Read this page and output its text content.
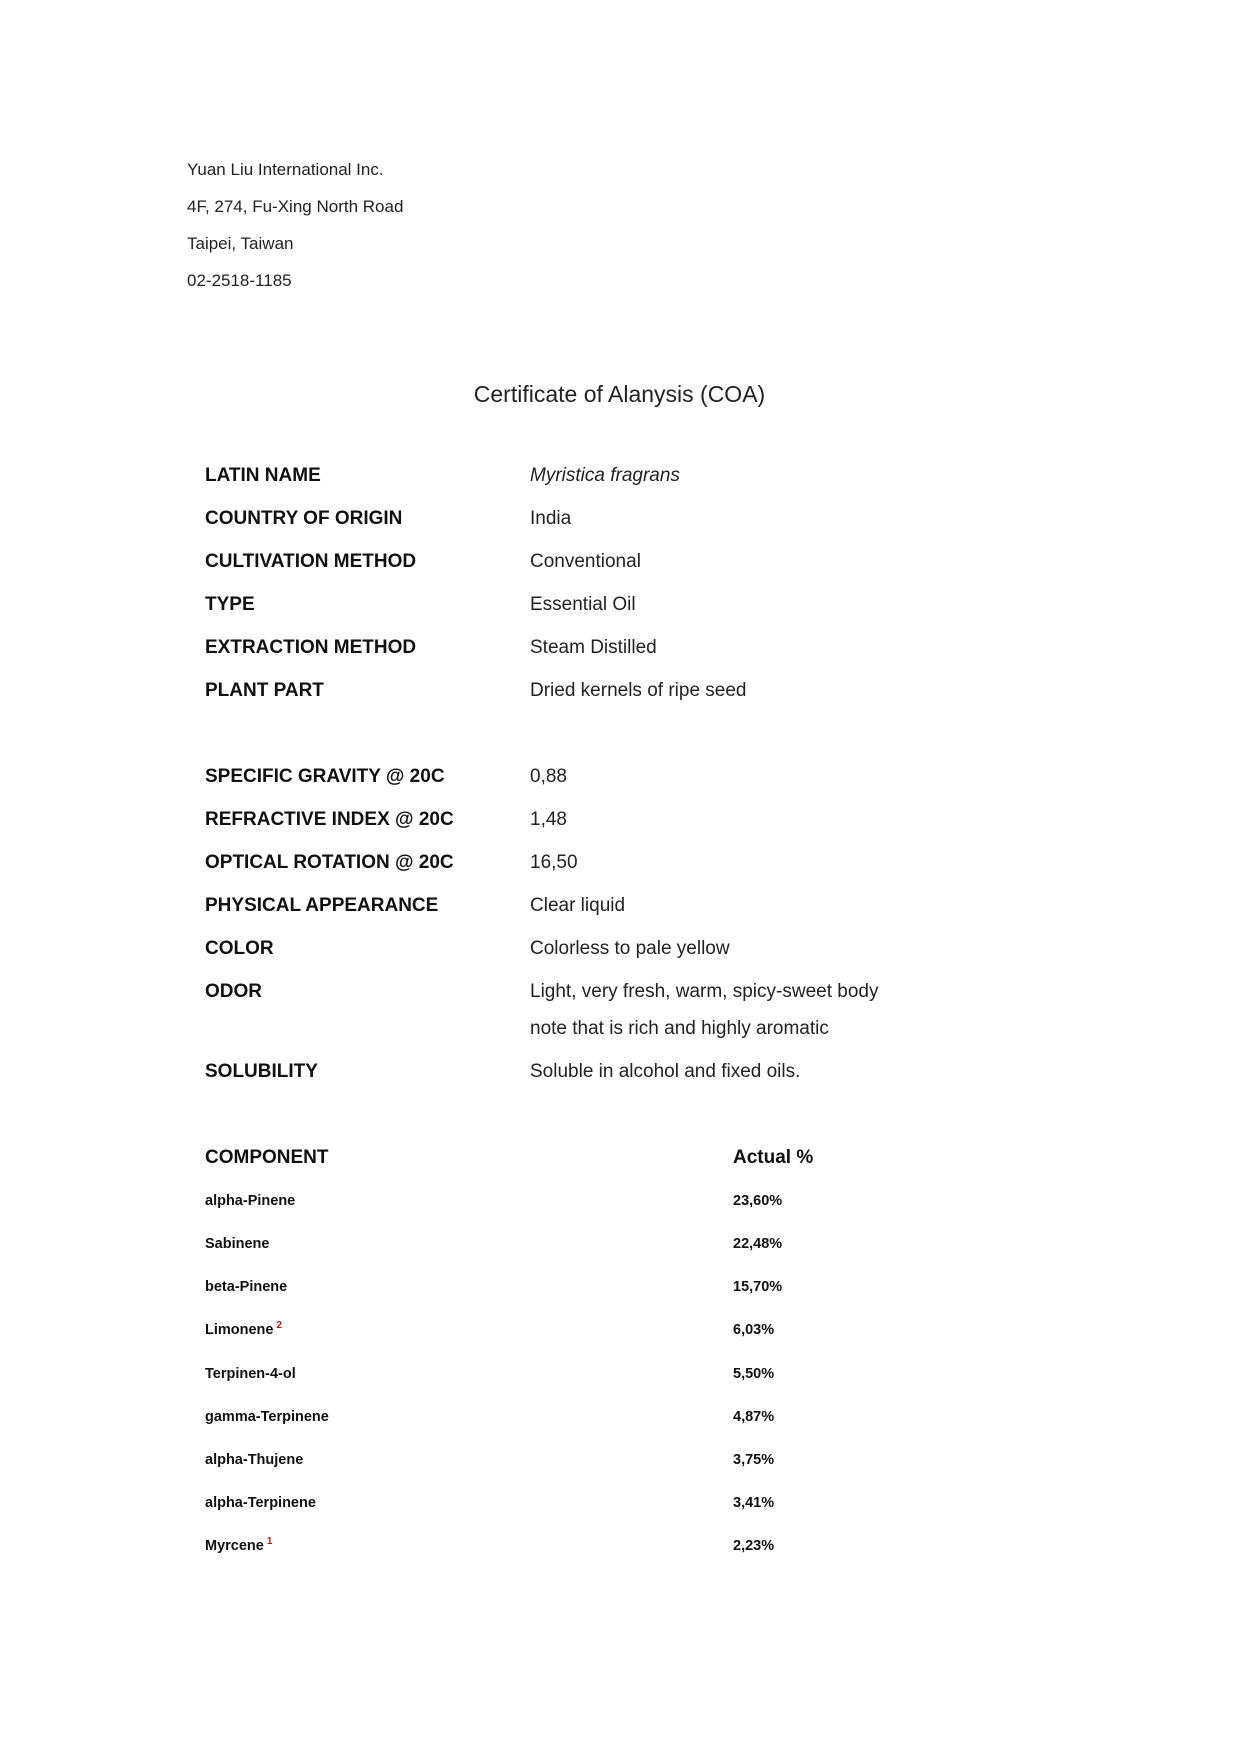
Yuan Liu International Inc.
4F, 274, Fu-Xing North Road
Taipei, Taiwan
02-2518-1185
Certificate of Alanysis (COA)
LATIN NAME	Myristica fragrans
COUNTRY OF ORIGIN	India
CULTIVATION METHOD	Conventional
TYPE	Essential Oil
EXTRACTION METHOD	Steam Distilled
PLANT PART	Dried kernels of ripe seed
SPECIFIC GRAVITY @ 20C	0,88
REFRACTIVE INDEX @ 20C	1,48
OPTICAL ROTATION @ 20C	16,50
PHYSICAL APPEARANCE	Clear liquid
COLOR	Colorless to pale yellow
ODOR	Light, very fresh, warm, spicy-sweet body
note that is rich and highly aromatic
SOLUBILITY	Soluble in alcohol and fixed oils.
COMPONENT	Actual %
alpha-Pinene	23,60%
Sabinene	22,48%
beta-Pinene	15,70%
Limonene $^2$	6,03%
Terpinen-4-ol	5,50%
gamma-Terpinene	4,87%
alpha-Thujene	3,75%
alpha-Terpinene	3,41%
Myrcene $^1$	2,23%
